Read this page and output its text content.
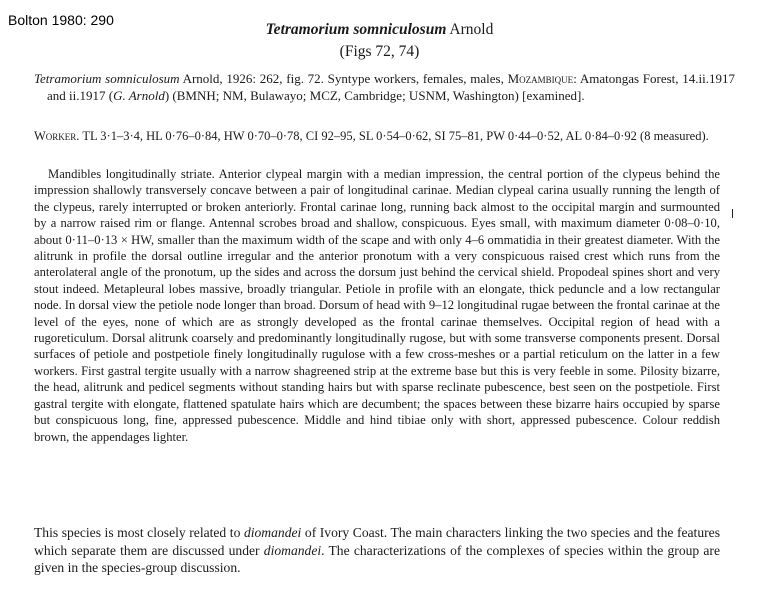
Bolton 1980: 290
Tetramorium somniculosum Arnold
(Figs 72, 74)
Tetramorium somniculosum Arnold, 1926: 262, fig. 72. Syntype workers, females, males, Mozambique: Amatongas Forest, 14.ii.1917 and ii.1917 (G. Arnold) (BMNH; NM, Bulawayo; MCZ, Cambridge; USNM, Washington) [examined].
Worker. TL 3·1–3·4, HL 0·76–0·84, HW 0·70–0·78, CI 92–95, SL 0·54–0·62, SI 75–81, PW 0·44–0·52, AL 0·84–0·92 (8 measured).
Mandibles longitudinally striate. Anterior clypeal margin with a median impression, the central portion of the clypeus behind the impression shallowly transversely concave between a pair of longitudinal carinae. Median clypeal carina usually running the length of the clypeus, rarely interrupted or broken anteriorly. Frontal carinae long, running back almost to the occipital margin and surmounted by a narrow raised rim or flange. Antennal scrobes broad and shallow, conspicuous. Eyes small, with maximum diameter 0·08–0·10, about 0·11–0·13 × HW, smaller than the maximum width of the scape and with only 4–6 ommatidia in their greatest diameter. With the alitrunk in profile the dorsal outline irregular and the anterior pronotum with a very conspicuous raised crest which runs from the anterolateral angle of the pronotum, up the sides and across the dorsum just behind the cervical shield. Propodeal spines short and very stout indeed. Metapleural lobes massive, broadly triangular. Petiole in profile with an elongate, thick peduncle and a low rectangular node. In dorsal view the petiole node longer than broad. Dorsum of head with 9–12 longitudinal rugae between the frontal carinae at the level of the eyes, none of which are as strongly developed as the frontal carinae themselves. Occipital region of head with a rugoreticulum. Dorsal alitrunk coarsely and predominantly longitudinally rugose, but with some transverse components present. Dorsal surfaces of petiole and postpetiole finely longitudinally rugulose with a few cross-meshes or a partial reticulum on the latter in a few workers. First gastral tergite usually with a narrow shagreened strip at the extreme base but this is very feeble in some. Pilosity bizarre, the head, alitrunk and pedicel segments without standing hairs but with sparse reclinate pubescence, best seen on the postpetiole. First gastral tergite with elongate, flattened spatulate hairs which are decumbent; the spaces between these bizarre hairs occupied by sparse but conspicuous long, fine, appressed pubescence. Middle and hind tibiae only with short, appressed pubescence. Colour reddish brown, the appendages lighter.
This species is most closely related to diomandei of Ivory Coast. The main characters linking the two species and the features which separate them are discussed under diomandei. The characterizations of the complexes of species within the group are given in the species-group discussion.
